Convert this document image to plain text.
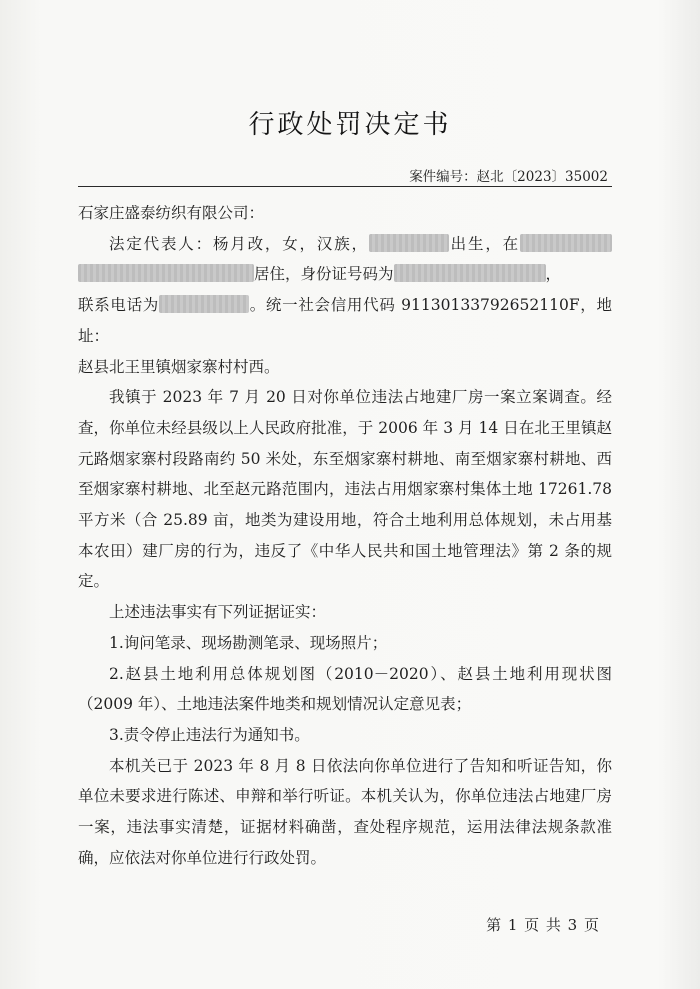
行政处罚决定书
案件编号：赵北〔2023〕35002

石家庄盛泰纺织有限公司：

法定代表人：杨月改，女，汉族，	出生，在居住，身份证号码为	，
联系电话为	。统一社会信用代码 91130133792652110F，地址：
赵县北王里镇烟家寨村村西。

我镇于 2023 年 7 月 20 日对你单位违法占地建厂房一案立案调查。经查，你单位未经县级以上人民政府批准，于 2006 年 3 月 14 日在北王里镇赵元路烟家寨村段路南约 50 米处，东至烟家寨村耕地、南至烟家寨村耕地、西至烟家寨村耕地、北至赵元路范围内，违法占用烟家寨村集体土地 17261.78 平方米（合 25.89 亩，地类为建设用地，符合土地利用总体规划，未占用基本农田）建厂房的行为，违反了《中华人民共和国土地管理法》第 2 条的规定。

上述违法事实有下列证据证实：

1.询问笔录、现场勘测笔录、现场照片；

2.赵县土地利用总体规划图（2010－2020）、赵县土地利用现状图（2009 年）、土地违法案件地类和规划情况认定意见表；

3.责令停止违法行为通知书。

本机关已于 2023 年 8 月 8 日依法向你单位进行了告知和听证告知，你单位未要求进行陈述、申辩和举行听证。本机关认为，你单位违法占地建厂房一案，违法事实清楚，证据材料确凿，查处程序规范，运用法律法规条款准确，应依法对你单位进行行政处罚。

第 1 页 共 3 页
